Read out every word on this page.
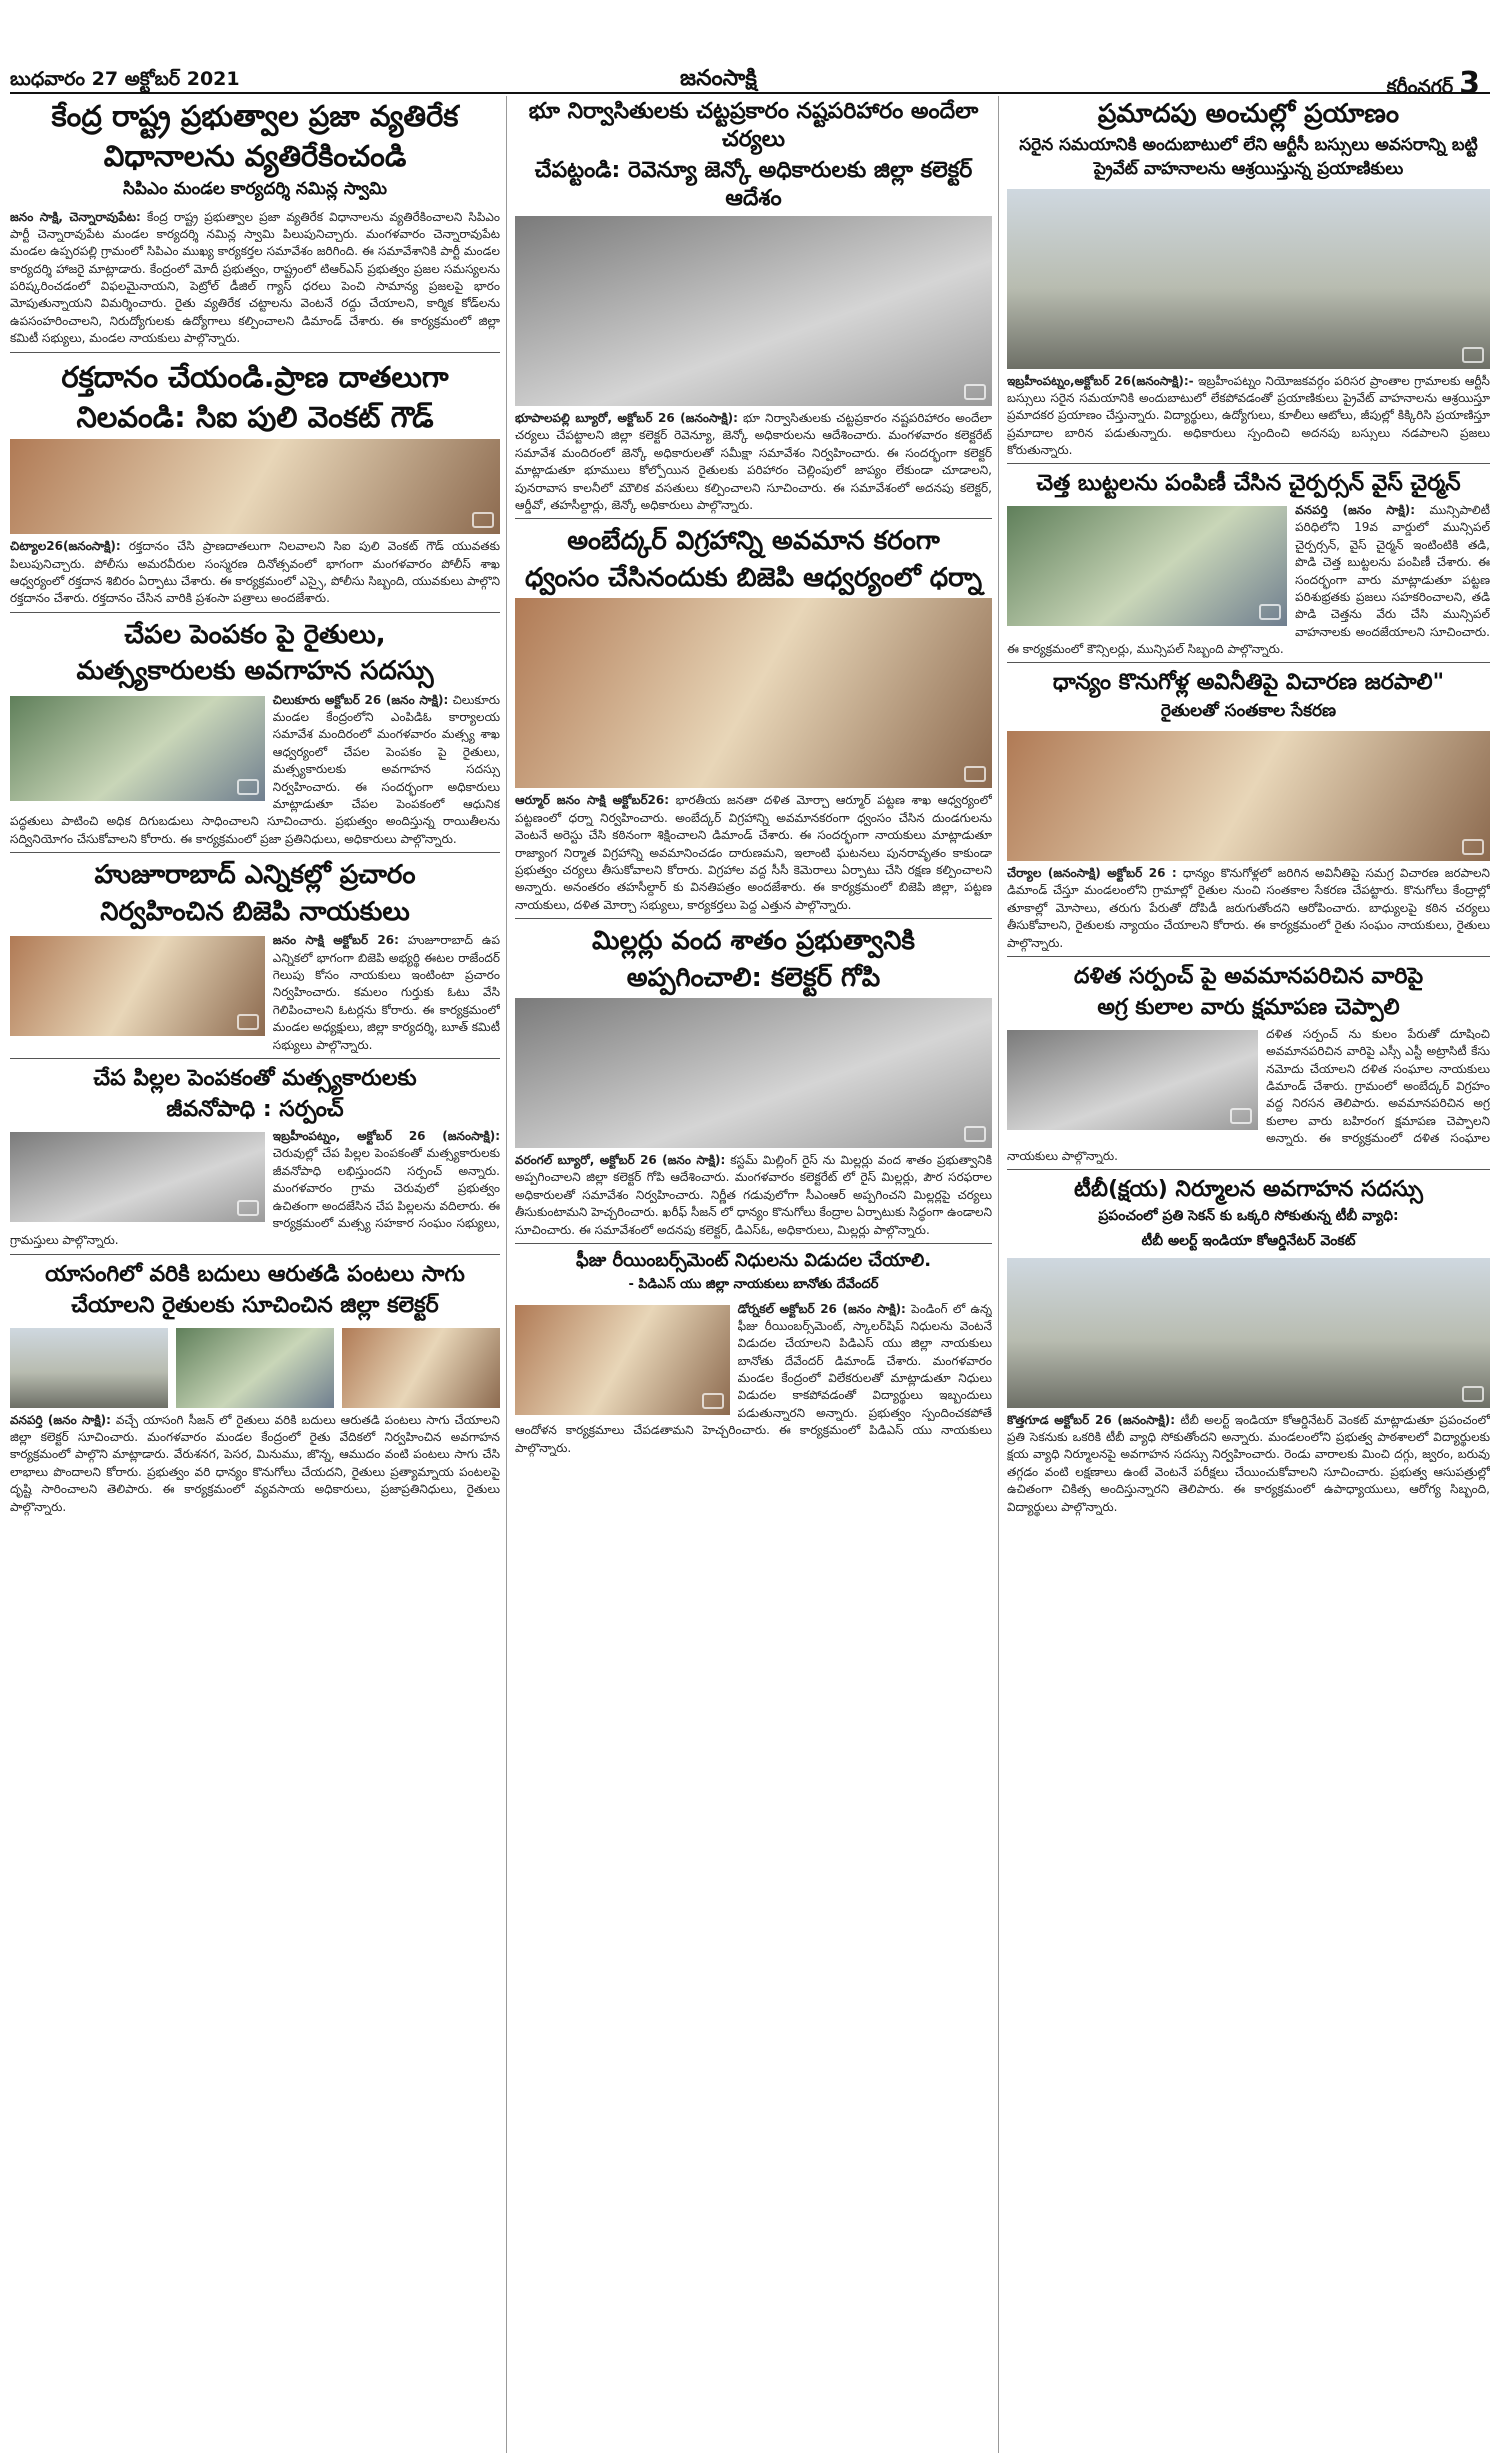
బుధవారం 27 అక్టోబర్ 2021	జనంసాక్షి	కరీంనగర్ 3
కేంద్ర రాష్ట్ర ప్రభుత్వాల ప్రజా వ్యతిరేక
విధానాలను వ్యతిరేకించండి
సిపిఎం మండల కార్యదర్శి నమిన్ల స్వామి

జనం సాక్షి, చెన్నారావుపేట: కేంద్ర రాష్ట్ర ప్రభుత్వాల ప్రజా వ్యతిరేక విధానాలను వ్యతిరేకించాలని సిపిఎం పార్టీ చెన్నారావుపేట మండల కార్యదర్శి నమిన్ల స్వామి పిలుపునిచ్చారు. మంగళవారం చెన్నారావుపేట మండల ఉప్పరపల్లి గ్రామంలో సిపిఎం ముఖ్య కార్యకర్తల సమావేశం జరిగింది. ఈ సమావేశానికి పార్టీ మండల కార్యదర్శి హాజరై మాట్లాడారు. కేంద్రంలో మోదీ ప్రభుత్వం, రాష్ట్రంలో టిఆర్ఎస్ ప్రభుత్వం ప్రజల సమస్యలను పరిష్కరించడంలో విఫలమైనాయని, పెట్రోల్ డీజిల్ గ్యాస్ ధరలు పెంచి సామాన్య ప్రజలపై భారం మోపుతున్నాయని విమర్శించారు. రైతు వ్యతిరేక చట్టాలను వెంటనే రద్దు చేయాలని, కార్మిక కోడ్‌లను ఉపసంహరించాలని, నిరుద్యోగులకు ఉద్యోగాలు కల్పించాలని డిమాండ్ చేశారు. ఈ కార్యక్రమంలో జిల్లా కమిటీ సభ్యులు, మండల నాయకులు పాల్గొన్నారు.

రక్తదానం చేయండి.ప్రాణ దాతలుగా
నిలవండి: సిఐ పులి వెంకట్ గౌడ్

చిట్యాల26(జనంసాక్షి): రక్తదానం చేసి ప్రాణదాతలుగా నిలవాలని సిఐ పులి వెంకట్ గౌడ్ యువతకు పిలుపునిచ్చారు. పోలీసు అమరవీరుల సంస్మరణ దినోత్సవంలో భాగంగా మంగళవారం పోలీస్ శాఖ ఆధ్వర్యంలో రక్తదాన శిబిరం ఏర్పాటు చేశారు. ఈ కార్యక్రమంలో ఎస్సై, పోలీసు సిబ్బంది, యువకులు పాల్గొని రక్తదానం చేశారు. రక్తదానం చేసిన వారికి ప్రశంసా పత్రాలు అందజేశారు.

చేపల పెంపకం పై రైతులు,
మత్స్యకారులకు అవగాహన సదస్సు

చిలుకూరు అక్టోబర్ 26 (జనం సాక్షి): చిలుకూరు మండల కేంద్రంలోని ఎంపిడిఓ కార్యాలయ సమావేశ మందిరంలో మంగళవారం మత్స్య శాఖ ఆధ్వర్యంలో చేపల పెంపకం పై రైతులు, మత్స్యకారులకు అవగాహన సదస్సు నిర్వహించారు. ఈ సందర్భంగా అధికారులు మాట్లాడుతూ చేపల పెంపకంలో ఆధునిక పద్ధతులు పాటించి అధిక దిగుబడులు సాధించాలని సూచించారు. ప్రభుత్వం అందిస్తున్న రాయితీలను సద్వినియోగం చేసుకోవాలని కోరారు. ఈ కార్యక్రమంలో ప్రజా ప్రతినిధులు, అధికారులు పాల్గొన్నారు.

హుజూరాబాద్ ఎన్నికల్లో ప్రచారం
నిర్వహించిన బిజెపి నాయకులు

జనం సాక్షి అక్టోబర్ 26: హుజూరాబాద్ ఉప ఎన్నికలో భాగంగా బిజెపి అభ్యర్థి ఈటల రాజేందర్ గెలుపు కోసం నాయకులు ఇంటింటా ప్రచారం నిర్వహించారు. కమలం గుర్తుకు ఓటు వేసి గెలిపించాలని ఓటర్లను కోరారు. ఈ కార్యక్రమంలో మండల అధ్యక్షులు, జిల్లా కార్యదర్శి, బూత్ కమిటీ సభ్యులు పాల్గొన్నారు.

చేప పిల్లల పెంపకంతో మత్స్యకారులకు
జీవనోపాధి : సర్పంచ్

ఇబ్రహీంపట్నం, అక్టోబర్ 26 (జనంసాక్షి): చెరువుల్లో చేప పిల్లల పెంపకంతో మత్స్యకారులకు జీవనోపాధి లభిస్తుందని సర్పంచ్ అన్నారు. మంగళవారం గ్రామ చెరువులో ప్రభుత్వం ఉచితంగా అందజేసిన చేప పిల్లలను వదిలారు. ఈ కార్యక్రమంలో మత్స్య సహకార సంఘం సభ్యులు, గ్రామస్తులు పాల్గొన్నారు.

యాసంగిలో వరికి బదులు ఆరుతడి పంటలు సాగు
చేయాలని రైతులకు సూచించిన జిల్లా కలెక్టర్

వనపర్తి (జనం సాక్షి): వచ్చే యాసంగి సీజన్ లో రైతులు వరికి బదులు ఆరుతడి పంటలు సాగు చేయాలని జిల్లా కలెక్టర్ సూచించారు. మంగళవారం మండల కేంద్రంలో రైతు వేదికలో నిర్వహించిన అవగాహన కార్యక్రమంలో పాల్గొని మాట్లాడారు. వేరుశనగ, పెసర, మినుము, జొన్న, ఆముదం వంటి పంటలు సాగు చేసి లాభాలు పొందాలని కోరారు. ప్రభుత్వం వరి ధాన్యం కొనుగోలు చేయదని, రైతులు ప్రత్యామ్నాయ పంటలపై దృష్టి సారించాలని తెలిపారు. ఈ కార్యక్రమంలో వ్యవసాయ అధికారులు, ప్రజాప్రతినిధులు, రైతులు పాల్గొన్నారు.

భూ నిర్వాసితులకు చట్టప్రకారం నష్టపరిహారం అందేలా చర్యలు
చేపట్టండి: రెవెన్యూ జెన్కో అధికారులకు జిల్లా కలెక్టర్ ఆదేశం

భూపాలపల్లి బ్యూరో, అక్టోబర్ 26 (జనంసాక్షి): భూ నిర్వాసితులకు చట్టప్రకారం నష్టపరిహారం అందేలా చర్యలు చేపట్టాలని జిల్లా కలెక్టర్ రెవెన్యూ, జెన్కో అధికారులను ఆదేశించారు. మంగళవారం కలెక్టరేట్ సమావేశ మందిరంలో జెన్కో అధికారులతో సమీక్షా సమావేశం నిర్వహించారు. ఈ సందర్భంగా కలెక్టర్ మాట్లాడుతూ భూములు కోల్పోయిన రైతులకు పరిహారం చెల్లింపులో జాప్యం లేకుండా చూడాలని, పునరావాస కాలనీలో మౌలిక వసతులు కల్పించాలని సూచించారు. ఈ సమావేశంలో అదనపు కలెక్టర్, ఆర్డీవో, తహసీల్దార్లు, జెన్కో అధికారులు పాల్గొన్నారు.

అంబేద్కర్ విగ్రహాన్ని అవమాన కరంగా
ధ్వంసం చేసినందుకు బిజెపి ఆధ్వర్యంలో ధర్నా

ఆర్మూర్ జనం సాక్షి అక్టోబర్26: భారతీయ జనతా దళిత మోర్చా ఆర్మూర్ పట్టణ శాఖ ఆధ్వర్యంలో పట్టణంలో ధర్నా నిర్వహించారు. అంబేద్కర్ విగ్రహాన్ని అవమానకరంగా ధ్వంసం చేసిన దుండగులను వెంటనే అరెస్టు చేసి కఠినంగా శిక్షించాలని డిమాండ్ చేశారు. ఈ సందర్భంగా నాయకులు మాట్లాడుతూ రాజ్యాంగ నిర్మాత విగ్రహాన్ని అవమానించడం దారుణమని, ఇలాంటి ఘటనలు పునరావృతం కాకుండా ప్రభుత్వం చర్యలు తీసుకోవాలని కోరారు. విగ్రహాల వద్ద సీసీ కెమెరాలు ఏర్పాటు చేసి రక్షణ కల్పించాలని అన్నారు. అనంతరం తహసీల్దార్ కు వినతిపత్రం అందజేశారు. ఈ కార్యక్రమంలో బిజెపి జిల్లా, పట్టణ నాయకులు, దళిత మోర్చా సభ్యులు, కార్యకర్తలు పెద్ద ఎత్తున పాల్గొన్నారు.

మిల్లర్లు వంద శాతం ప్రభుత్వానికి
అప్పగించాలి: కలెక్టర్ గోపి

వరంగల్ బ్యూరో, అక్టోబర్ 26 (జనం సాక్షి): కస్టమ్ మిల్లింగ్ రైస్ ను మిల్లర్లు వంద శాతం ప్రభుత్వానికి అప్పగించాలని జిల్లా కలెక్టర్ గోపి ఆదేశించారు. మంగళవారం కలెక్టరేట్ లో రైస్ మిల్లర్లు, పౌర సరఫరాల అధికారులతో సమావేశం నిర్వహించారు. నిర్ణీత గడువులోగా సీఎంఆర్ అప్పగించని మిల్లర్లపై చర్యలు తీసుకుంటామని హెచ్చరించారు. ఖరీఫ్ సీజన్ లో ధాన్యం కొనుగోలు కేంద్రాల ఏర్పాటుకు సిద్ధంగా ఉండాలని సూచించారు. ఈ సమావేశంలో అదనపు కలెక్టర్, డిఎస్ఓ, అధికారులు, మిల్లర్లు పాల్గొన్నారు.

ఫీజు రీయింబర్స్‌మెంట్ నిధులను విడుదల చేయాలి.
- పిడిఎస్ యు జిల్లా నాయకులు బానోతు దేవేందర్

డోర్నకల్ అక్టోబర్ 26 (జనం సాక్షి): పెండింగ్ లో ఉన్న ఫీజు రీయింబర్స్‌మెంట్, స్కాలర్‌షిప్ నిధులను వెంటనే విడుదల చేయాలని పిడిఎస్ యు జిల్లా నాయకులు బానోతు దేవేందర్ డిమాండ్ చేశారు. మంగళవారం మండల కేంద్రంలో విలేకరులతో మాట్లాడుతూ నిధులు విడుదల కాకపోవడంతో విద్యార్థులు ఇబ్బందులు పడుతున్నారని అన్నారు. ప్రభుత్వం స్పందించకపోతే ఆందోళన కార్యక్రమాలు చేపడతామని హెచ్చరించారు. ఈ కార్యక్రమంలో పిడిఎస్ యు నాయకులు పాల్గొన్నారు.

ప్రమాదపు అంచుల్లో ప్రయాణం
సరైన సమయానికి అందుబాటులో లేని ఆర్టీసీ బస్సులు అవసరాన్ని బట్టి ప్రైవేట్ వాహనాలను ఆశ్రయిస్తున్న ప్రయాణికులు

ఇబ్రహీంపట్నం,అక్టోబర్ 26(జనంసాక్షి):- ఇబ్రహీంపట్నం నియోజకవర్గం పరిసర ప్రాంతాల గ్రామాలకు ఆర్టీసీ బస్సులు సరైన సమయానికి అందుబాటులో లేకపోవడంతో ప్రయాణికులు ప్రైవేట్ వాహనాలను ఆశ్రయిస్తూ ప్రమాదకర ప్రయాణం చేస్తున్నారు. విద్యార్థులు, ఉద్యోగులు, కూలీలు ఆటోలు, జీపుల్లో కిక్కిరిసి ప్రయాణిస్తూ ప్రమాదాల బారిన పడుతున్నారు. అధికారులు స్పందించి అదనపు బస్సులు నడపాలని ప్రజలు కోరుతున్నారు.

చెత్త బుట్టలను పంపిణీ చేసిన చైర్పర్సన్ వైస్ చైర్మన్

వనపర్తి (జనం సాక్షి): మున్సిపాలిటీ పరిధిలోని 19వ వార్డులో మున్సిపల్ చైర్పర్సన్, వైస్ చైర్మన్ ఇంటింటికి తడి, పొడి చెత్త బుట్టలను పంపిణీ చేశారు. ఈ సందర్భంగా వారు మాట్లాడుతూ పట్టణ పరిశుభ్రతకు ప్రజలు సహకరించాలని, తడి పొడి చెత్తను వేరు చేసి మున్సిపల్ వాహనాలకు అందజేయాలని సూచించారు. ఈ కార్యక్రమంలో కౌన్సిలర్లు, మున్సిపల్ సిబ్బంది పాల్గొన్నారు.

ధాన్యం కొనుగోళ్ల అవినీతిపై విచారణ జరపాలి"
రైతులతో సంతకాల సేకరణ

చేర్యాల (జనంసాక్షి) అక్టోబర్ 26 : ధాన్యం కొనుగోళ్లలో జరిగిన అవినీతిపై సమగ్ర విచారణ జరపాలని డిమాండ్ చేస్తూ మండలంలోని గ్రామాల్లో రైతుల నుంచి సంతకాల సేకరణ చేపట్టారు. కొనుగోలు కేంద్రాల్లో తూకాల్లో మోసాలు, తరుగు పేరుతో దోపిడీ జరుగుతోందని ఆరోపించారు. బాధ్యులపై కఠిన చర్యలు తీసుకోవాలని, రైతులకు న్యాయం చేయాలని కోరారు. ఈ కార్యక్రమంలో రైతు సంఘం నాయకులు, రైతులు పాల్గొన్నారు.

దళిత సర్పంచ్ పై అవమానపరిచిన వారిపై
అగ్ర కులాల వారు క్షమాపణ చెప్పాలి

దళిత సర్పంచ్ ను కులం పేరుతో దూషించి అవమానపరిచిన వారిపై ఎస్సీ ఎస్టీ అట్రాసిటీ కేసు నమోదు చేయాలని దళిత సంఘాల నాయకులు డిమాండ్ చేశారు. గ్రామంలో అంబేద్కర్ విగ్రహం వద్ద నిరసన తెలిపారు. అవమానపరిచిన అగ్ర కులాల వారు బహిరంగ క్షమాపణ చెప్పాలని అన్నారు. ఈ కార్యక్రమంలో దళిత సంఘాల నాయకులు పాల్గొన్నారు.

టీబీ(క్షయ) నిర్మూలన అవగాహన సదస్సు
ప్రపంచంలో ప్రతి సెకన్ కు ఒక్కరి సోకుతున్న టీబీ వ్యాధి:
టీబీ అలర్ట్ ఇండియా కోఆర్డినేటర్ వెంకట్

కొత్తగూడ అక్టోబర్ 26 (జనంసాక్షి): టీబీ అలర్ట్ ఇండియా కోఆర్డినేటర్ వెంకట్ మాట్లాడుతూ ప్రపంచంలో ప్రతి సెకనుకు ఒకరికి టీబీ వ్యాధి సోకుతోందని అన్నారు. మండలంలోని ప్రభుత్వ పాఠశాలలో విద్యార్థులకు క్షయ వ్యాధి నిర్మూలనపై అవగాహన సదస్సు నిర్వహించారు. రెండు వారాలకు మించి దగ్గు, జ్వరం, బరువు తగ్గడం వంటి లక్షణాలు ఉంటే వెంటనే పరీక్షలు చేయించుకోవాలని సూచించారు. ప్రభుత్వ ఆసుపత్రుల్లో ఉచితంగా చికిత్స అందిస్తున్నారని తెలిపారు. ఈ కార్యక్రమంలో ఉపాధ్యాయులు, ఆరోగ్య సిబ్బంది, విద్యార్థులు పాల్గొన్నారు.
